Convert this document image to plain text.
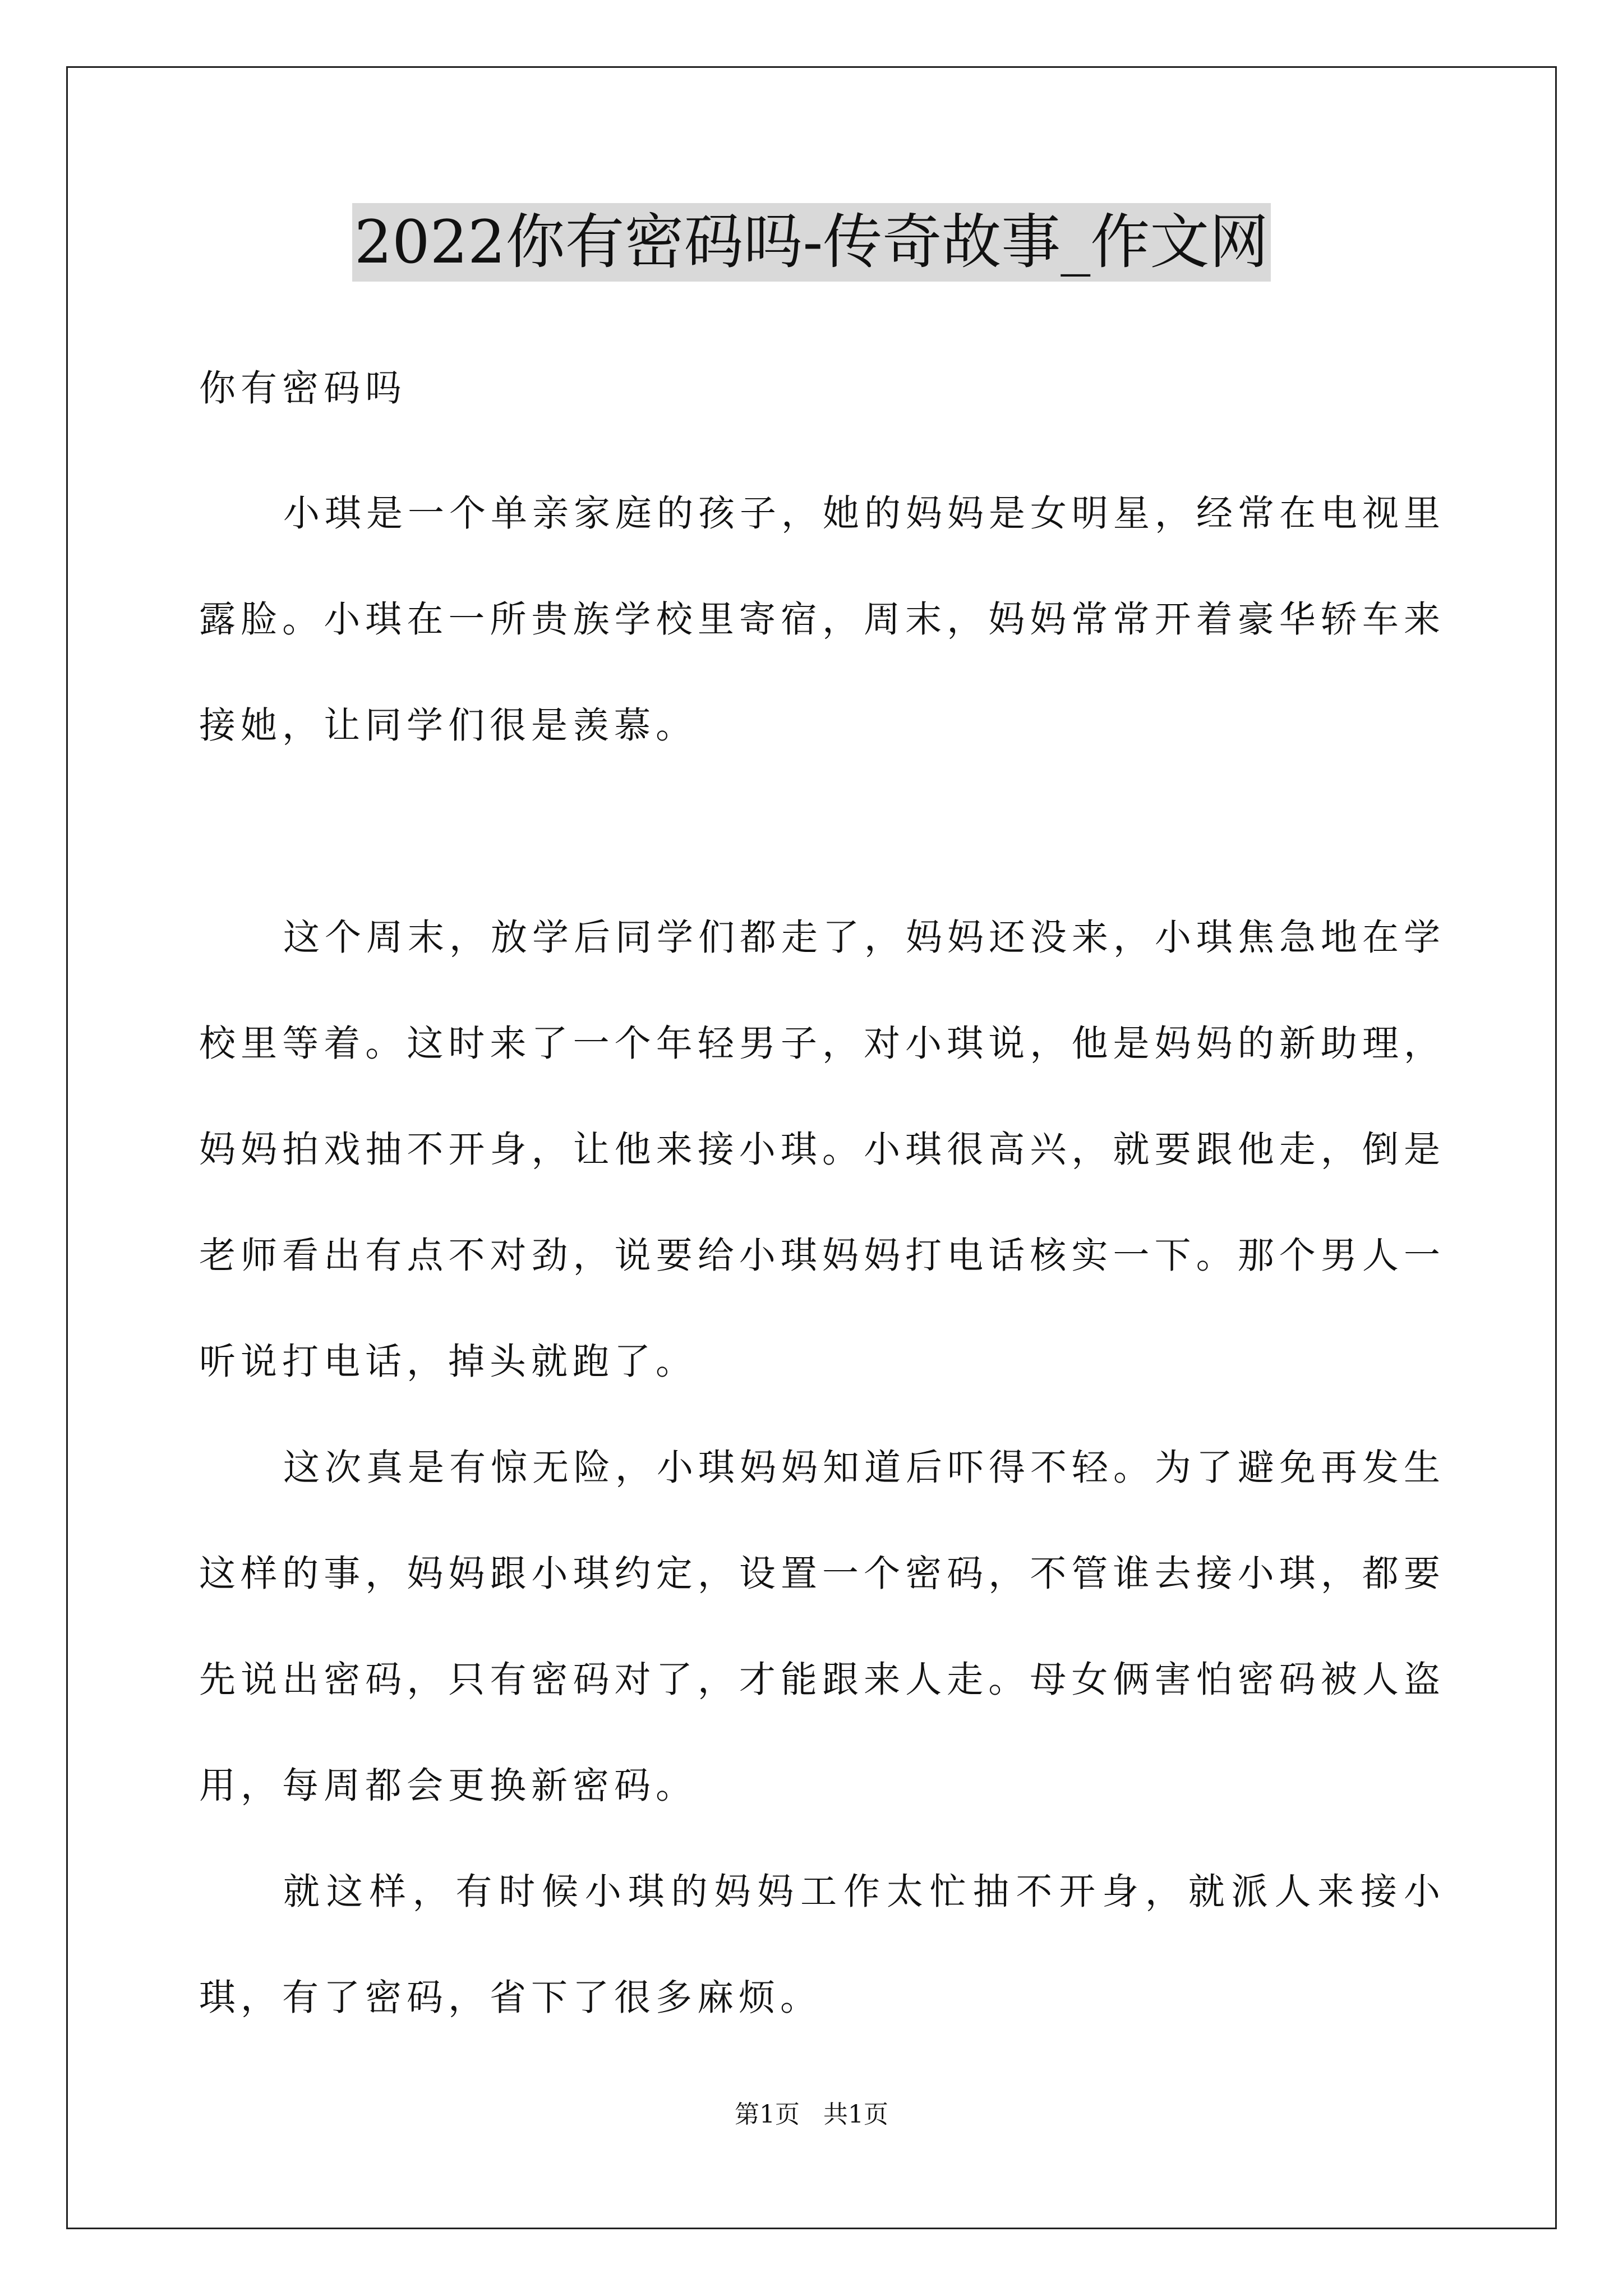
2022你有密码吗-传奇故事_作文网

你有密码吗

小琪是一个单亲家庭的孩子，她的妈妈是女明星，经常在电视里露脸。小琪在一所贵族学校里寄宿，周末，妈妈常常开着豪华轿车来接她，让同学们很是羡慕。

这个周末，放学后同学们都走了，妈妈还没来，小琪焦急地在学校里等着。这时来了一个年轻男子，对小琪说，他是妈妈的新助理，妈妈拍戏抽不开身，让他来接小琪。小琪很高兴，就要跟他走，倒是老师看出有点不对劲，说要给小琪妈妈打电话核实一下。那个男人一听说打电话，掉头就跑了。

这次真是有惊无险，小琪妈妈知道后吓得不轻。为了避免再发生这样的事，妈妈跟小琪约定，设置一个密码，不管谁去接小琪，都要先说出密码，只有密码对了，才能跟来人走。母女俩害怕密码被人盗用，每周都会更换新密码。

就这样，有时候小琪的妈妈工作太忙抽不开身，就派人来接小琪，有了密码，省下了很多麻烦。

第1页   共1页
